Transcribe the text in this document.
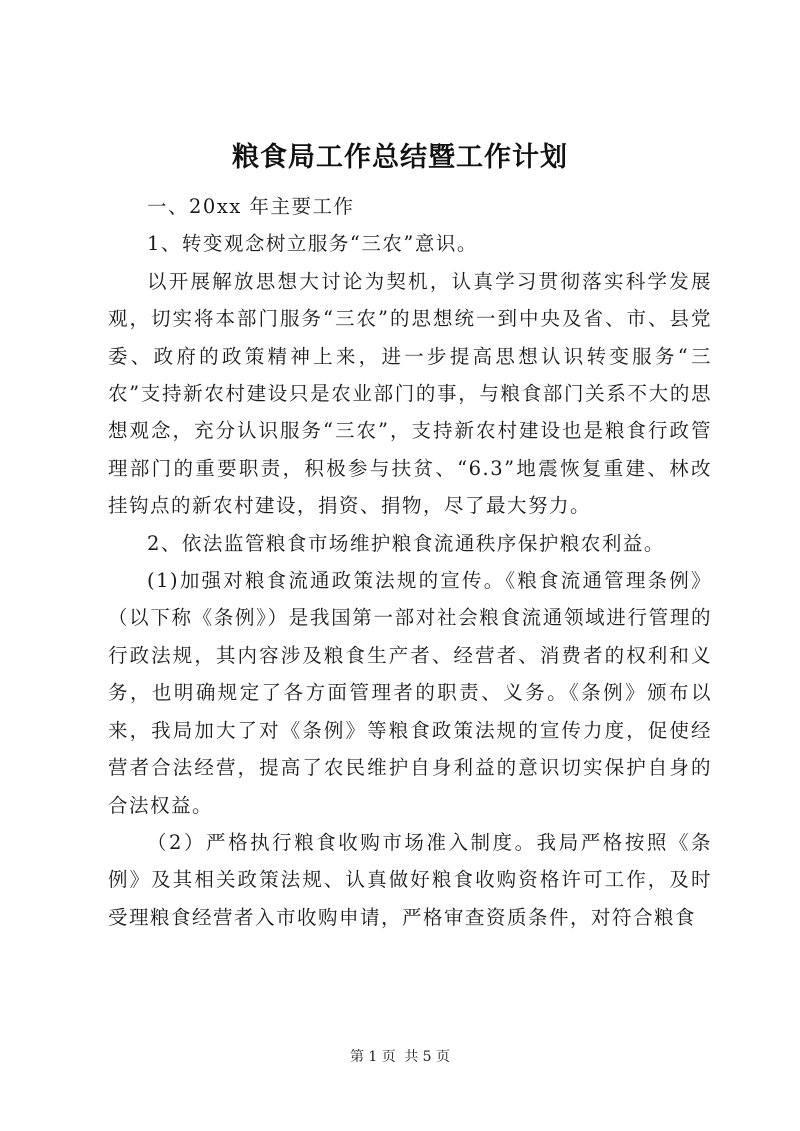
粮食局工作总结暨工作计划

一、20xx 年主要工作

1、转变观念树立服务“三农”意识。

以开展解放思想大讨论为契机，认真学习贯彻落实科学发展观，切实将本部门服务“三农”的思想统一到中央及省、市、县党委、政府的政策精神上来，进一步提高思想认识转变服务“三农”支持新农村建设只是农业部门的事，与粮食部门关系不大的思想观念，充分认识服务“三农”，支持新农村建设也是粮食行政管理部门的重要职责，积极参与扶贫、“6.3”地震恢复重建、林改挂钩点的新农村建设，捐资、捐物，尽了最大努力。

2、依法监管粮食市场维护粮食流通秩序保护粮农利益。

(1)加强对粮食流通政策法规的宣传。《粮食流通管理条例》（以下称《条例》）是我国第一部对社会粮食流通领域进行管理的行政法规，其内容涉及粮食生产者、经营者、消费者的权利和义务，也明确规定了各方面管理者的职责、义务。《条例》颁布以来，我局加大了对《条例》等粮食政策法规的宣传力度，促使经营者合法经营，提高了农民维护自身利益的意识切实保护自身的合法权益。

（2）严格执行粮食收购市场准入制度。我局严格按照《条例》及其相关政策法规、认真做好粮食收购资格许可工作，及时受理粮食经营者入市收购申请，严格审查资质条件，对符合粮食

第 1 页 共 5 页
